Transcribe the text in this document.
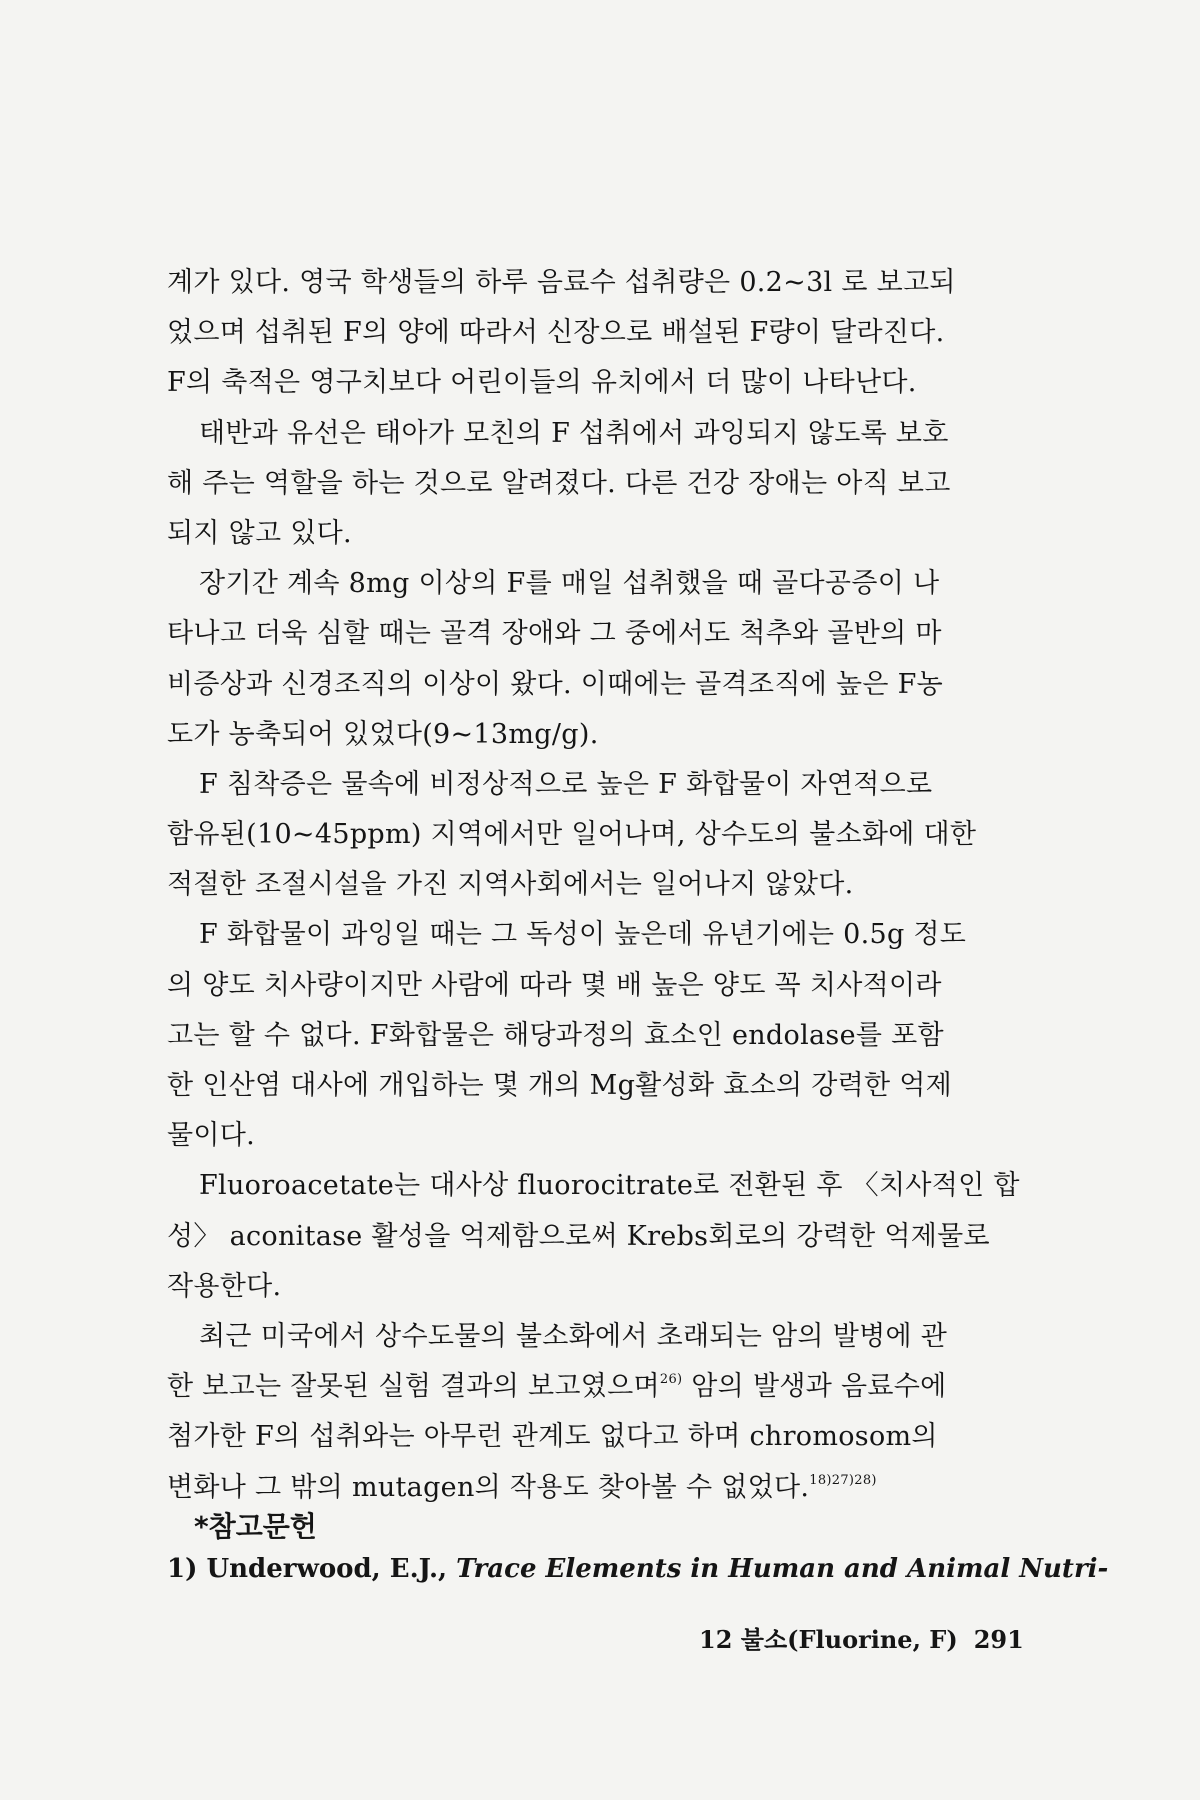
계가 있다. 영국 학생들의 하루 음료수 섭취량은 0.2~3l 로 보고되
었으며 섭취된 F의 양에 따라서 신장으로 배설된 F량이 달라진다.
F의 축적은 영구치보다 어린이들의 유치에서 더 많이 나타난다.
태반과 유선은 태아가 모친의 F 섭취에서 과잉되지 않도록 보호
해 주는 역할을 하는 것으로 알려졌다. 다른 건강 장애는 아직 보고
되지 않고 있다.
장기간 계속 8mg 이상의 F를 매일 섭취했을 때 골다공증이 나
타나고 더욱 심할 때는 골격 장애와 그 중에서도 척추와 골반의 마
비증상과 신경조직의 이상이 왔다. 이때에는 골격조직에 높은 F농
도가 농축되어 있었다(9~13mg/g).
F 침착증은 물속에 비정상적으로 높은 F 화합물이 자연적으로
함유된(10~45ppm) 지역에서만 일어나며, 상수도의 불소화에 대한
적절한 조절시설을 가진 지역사회에서는 일어나지 않았다.
F 화합물이 과잉일 때는 그 독성이 높은데 유년기에는 0.5g 정도
의 양도 치사량이지만 사람에 따라 몇 배 높은 양도 꼭 치사적이라
고는 할 수 없다. F화합물은 해당과정의 효소인 endolase를 포함
한 인산염 대사에 개입하는 몇 개의 Mg활성화 효소의 강력한 억제
물이다.
Fluoroacetate는 대사상 fluorocitrate로 전환된 후 〈치사적인 합
성〉 aconitase 활성을 억제함으로써 Krebs회로의 강력한 억제물로
작용한다.
최근 미국에서 상수도물의 불소화에서 초래되는 암의 발병에 관
한 보고는 잘못된 실험 결과의 보고였으며$^{26)}$ 암의 발생과 음료수에
첨가한 F의 섭취와는 아무런 관계도 없다고 하며 chromosom의
변화나 그 밖의 mutagen의 작용도 찾아볼 수 없었다.$^{18)27)28)}$
*참고문헌
1) Underwood, E.J., Trace Elements in Human and Animal Nutri-
12 불소(Fluorine, F) 291
